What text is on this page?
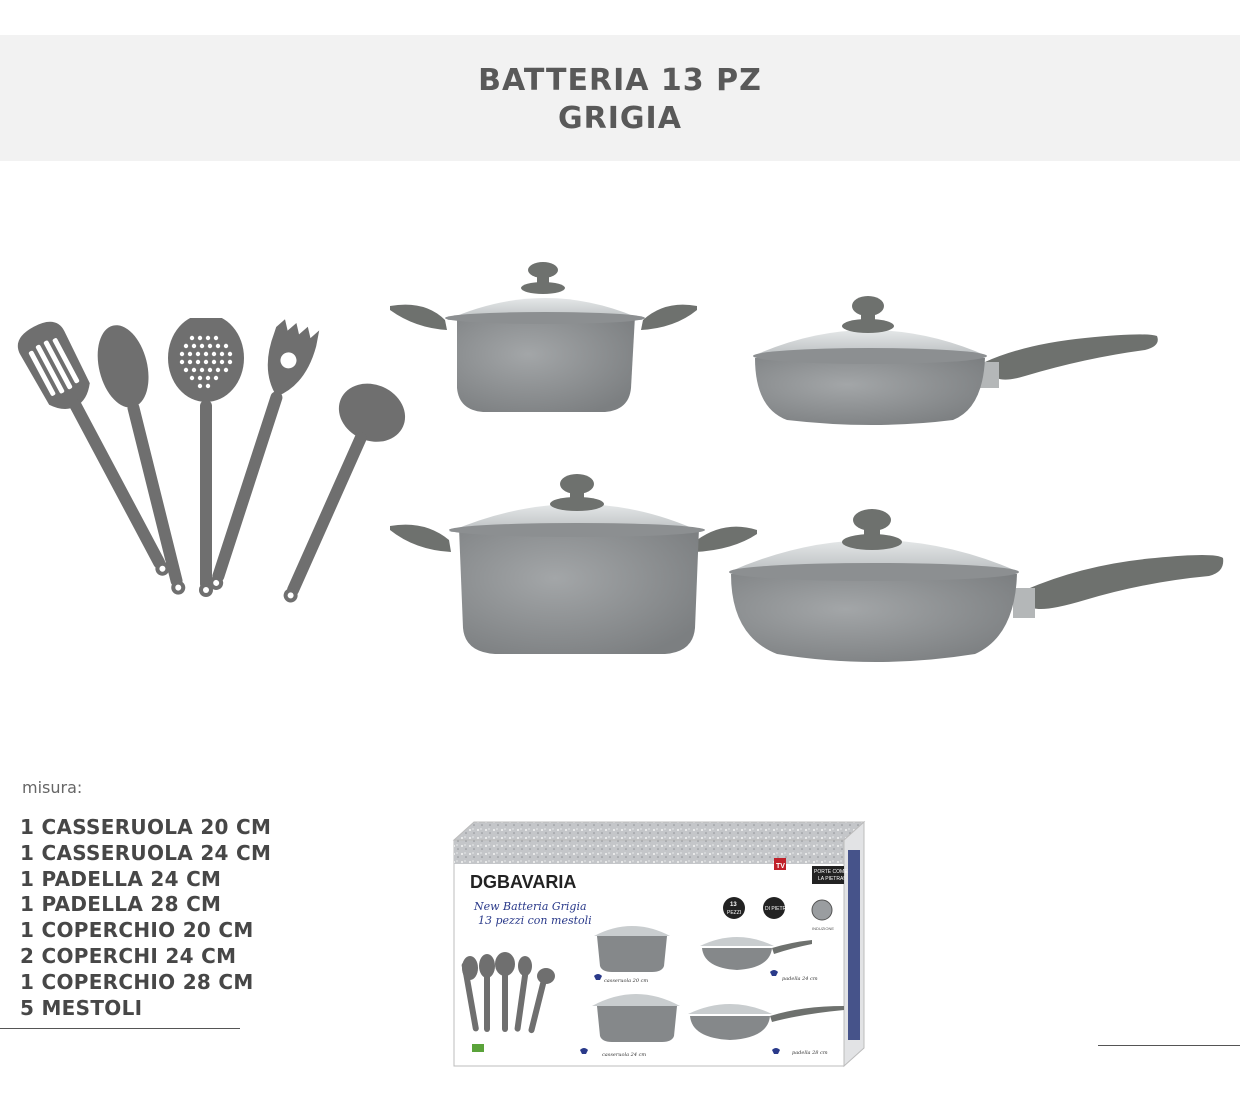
BATTERIA 13 PZ
GRIGIA
misura:
1 CASSERUOLA 20 CM
1 CASSERUOLA 24 CM
1 PADELLA 24 CM
1 PADELLA 28 CM
1 COPERCHIO 20 CM
2 COPERCHI 24 CM
1 COPERCHIO 28 CM
5 MESTOLI
DGBAVARIA
New Batteria Grigia
13 pezzi con mestoli
TV
PORTE COME
LA PIETRA!
13
PEZZI
DI PIETRA
INDUZIONE
casseruola 20 cm	padella 24 cm
casseruola 24 cm	padella 28 cm
